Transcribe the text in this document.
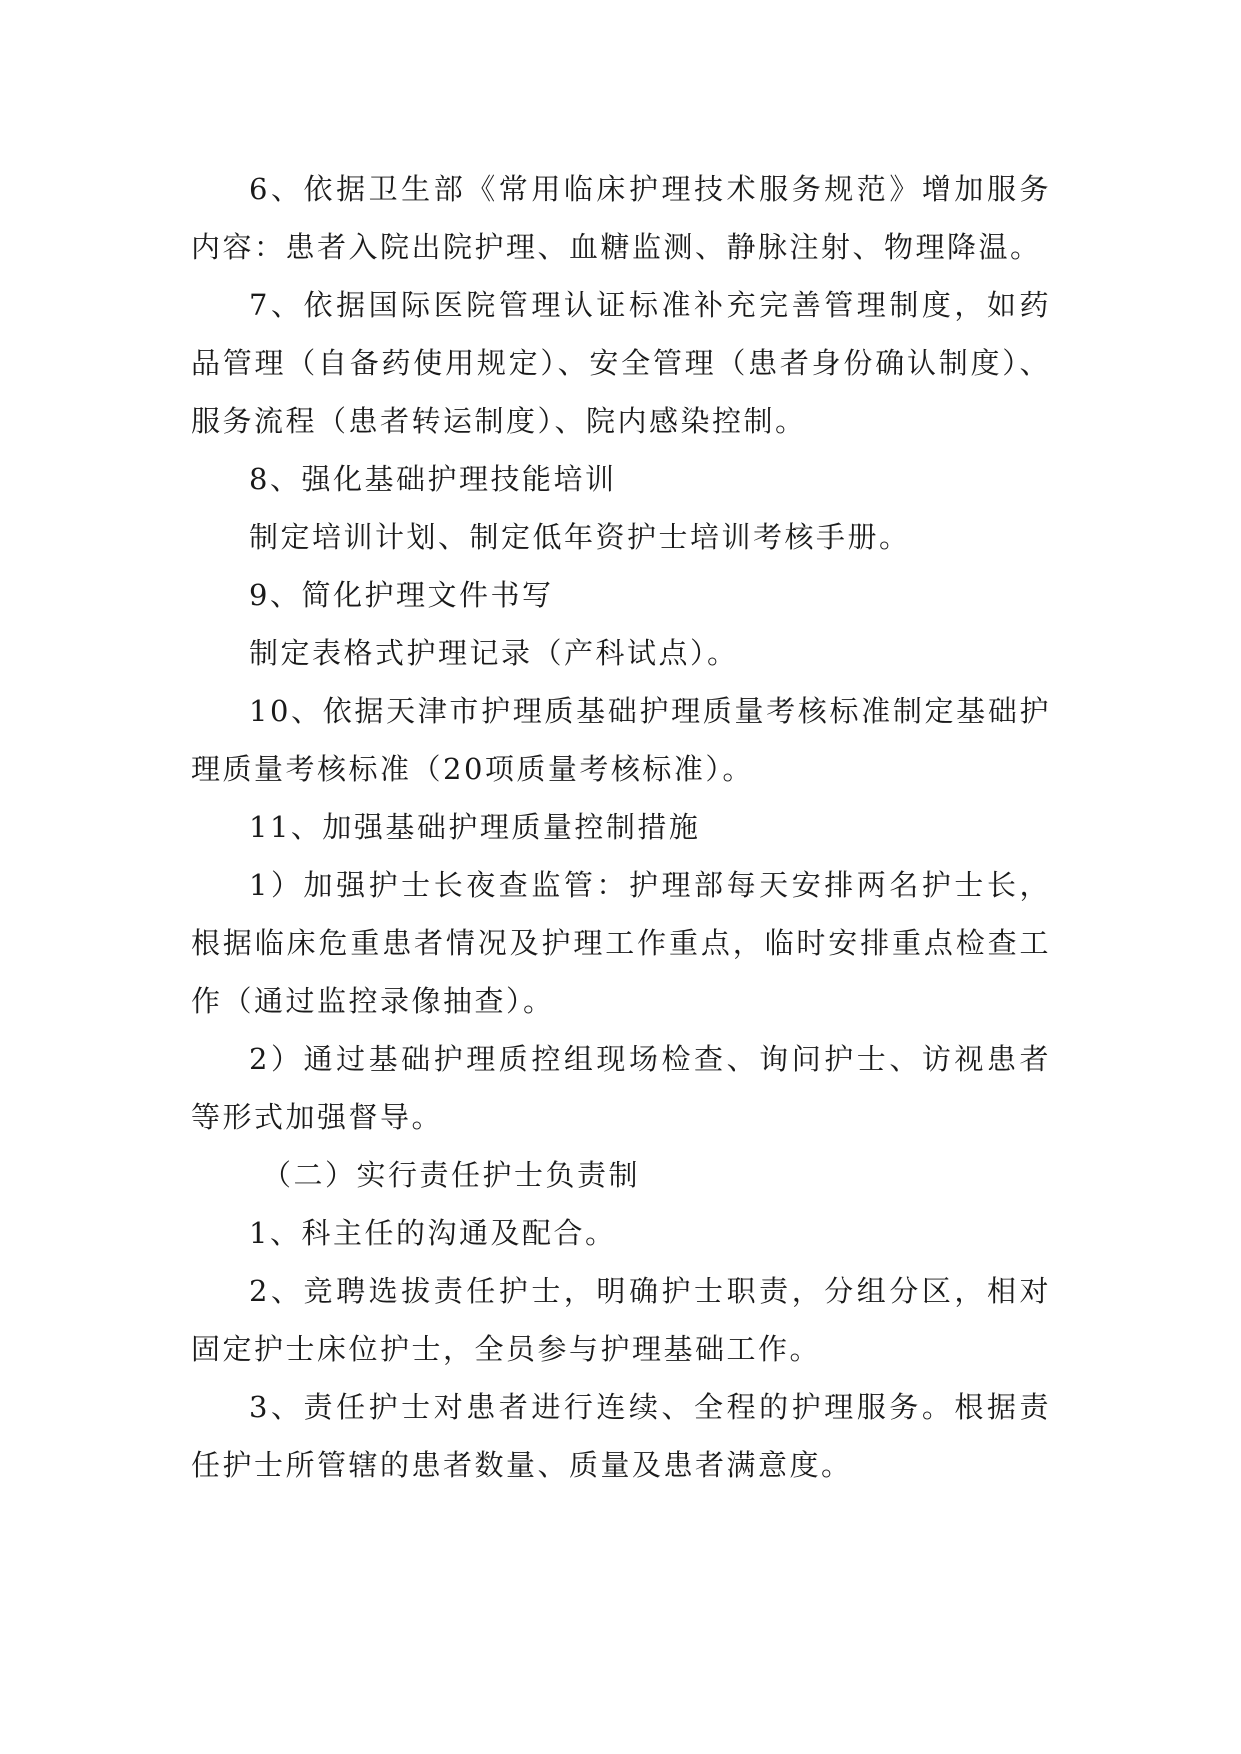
6、依据卫生部《常用临床护理技术服务规范》增加服务内容：患者入院出院护理、血糖监测、静脉注射、物理降温。

7、依据国际医院管理认证标准补充完善管理制度，如药品管理（自备药使用规定）、安全管理（患者身份确认制度）、服务流程（患者转运制度）、院内感染控制。

8、强化基础护理技能培训

制定培训计划、制定低年资护士培训考核手册。

9、简化护理文件书写

制定表格式护理记录（产科试点）。

10、依据天津市护理质基础护理质量考核标准制定基础护理质量考核标准（20项质量考核标准）。

11、加强基础护理质量控制措施

1）加强护士长夜查监管：护理部每天安排两名护士长，根据临床危重患者情况及护理工作重点，临时安排重点检查工作（通过监控录像抽查）。

2）通过基础护理质控组现场检查、询问护士、访视患者等形式加强督导。

（二）实行责任护士负责制

1、科主任的沟通及配合。

2、竞聘选拔责任护士，明确护士职责，分组分区，相对固定护士床位护士，全员参与护理基础工作。

3、责任护士对患者进行连续、全程的护理服务。根据责任护士所管辖的患者数量、质量及患者满意度。
